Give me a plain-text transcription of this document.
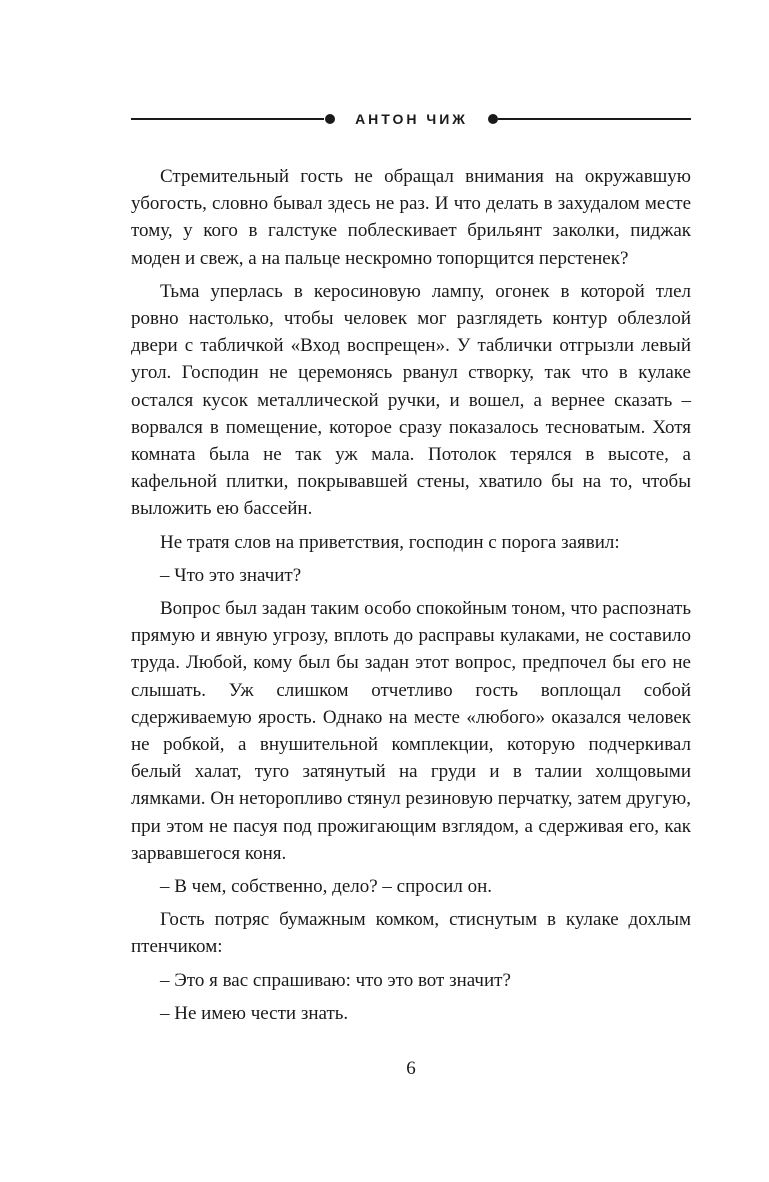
АНТОН ЧИЖ

Стремительный гость не обращал внимания на окружавшую убогость, словно бывал здесь не раз. И что делать в захудалом месте тому, у кого в галстуке поблескивает брильянт заколки, пиджак моден и свеж, а на пальце нескромно топорщится перстенек?

Тьма уперлась в керосиновую лампу, огонек в которой тлел ровно настолько, чтобы человек мог разглядеть контур облезлой двери с табличкой «Вход воспрещен». У таблички отгрызли левый угол. Господин не церемонясь рванул створку, так что в кулаке остался кусок металлической ручки, и вошел, а вернее сказать – ворвался в помещение, которое сразу показалось тесноватым. Хотя комната была не так уж мала. Потолок терялся в высоте, а кафельной плитки, покрывавшей стены, хватило бы на то, чтобы выложить ею бассейн.

Не тратя слов на приветствия, господин с порога заявил:

– Что это значит?

Вопрос был задан таким особо спокойным тоном, что распознать прямую и явную угрозу, вплоть до расправы кулаками, не составило труда. Любой, кому был бы задан этот вопрос, предпочел бы его не слышать. Уж слишком отчетливо гость воплощал собой сдерживаемую ярость. Однако на месте «любого» оказался человек не робкой, а внушительной комплекции, которую подчеркивал белый халат, туго затянутый на груди и в талии холщовыми лямками. Он неторопливо стянул резиновую перчатку, затем другую, при этом не пасуя под прожигающим взглядом, а сдерживая его, как зарвавшегося коня.

– В чем, собственно, дело? – спросил он.

Гость потряс бумажным комком, стиснутым в кулаке дохлым птенчиком:

– Это я вас спрашиваю: что это вот значит?

– Не имею чести знать.

6
